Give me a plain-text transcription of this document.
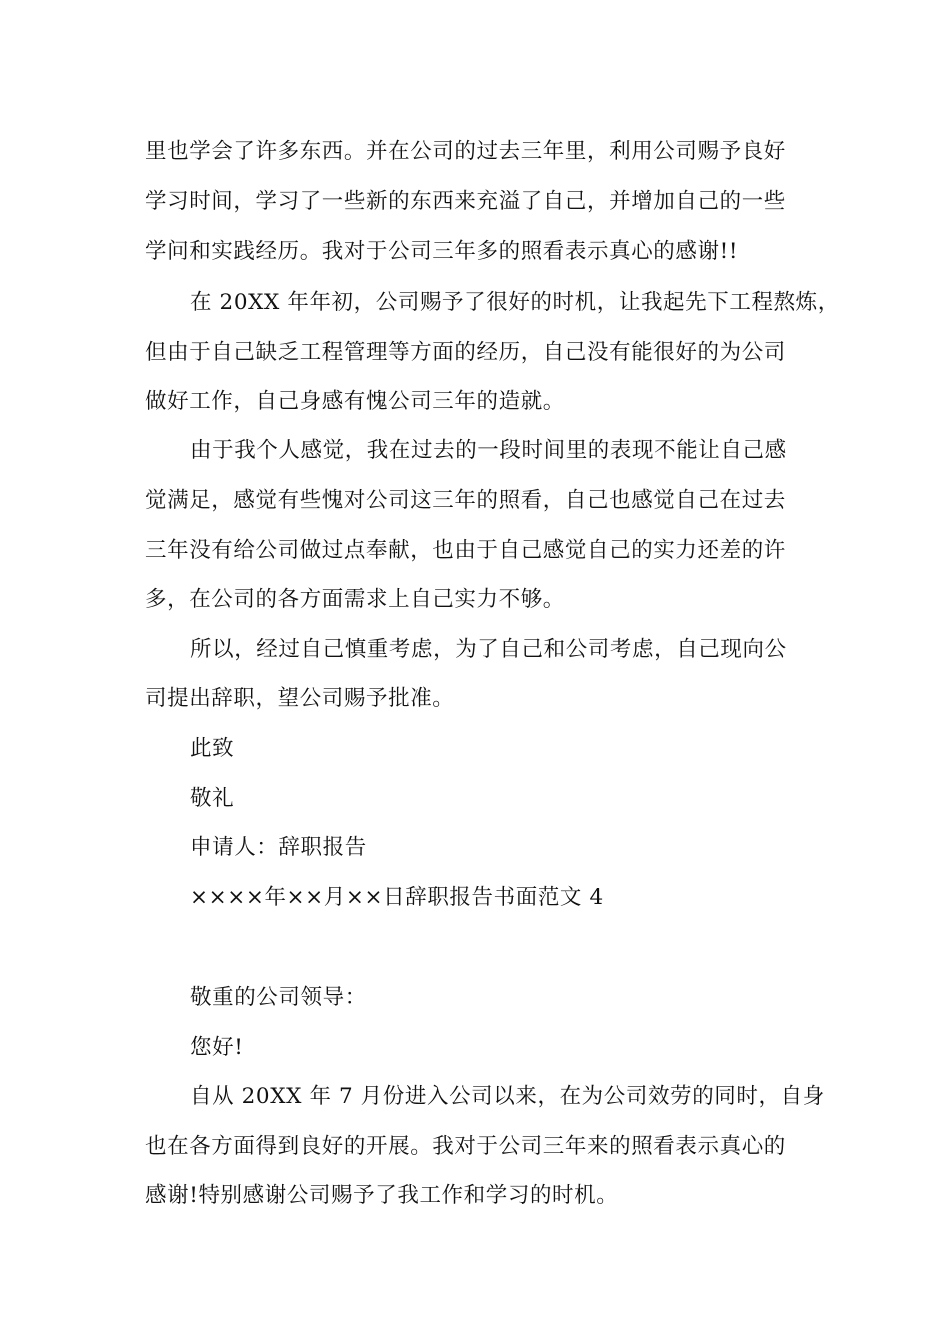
里也学会了许多东西。并在公司的过去三年里，利用公司赐予良好
学习时间，学习了一些新的东西来充溢了自己，并增加自己的一些
学问和实践经历。我对于公司三年多的照看表示真心的感谢!!
在 20XX 年年初，公司赐予了很好的时机，让我起先下工程熬炼，
但由于自己缺乏工程管理等方面的经历，自己没有能很好的为公司
做好工作，自己身感有愧公司三年的造就。
由于我个人感觉，我在过去的一段时间里的表现不能让自己感
觉满足，感觉有些愧对公司这三年的照看，自己也感觉自己在过去
三年没有给公司做过点奉献，也由于自己感觉自己的实力还差的许
多，在公司的各方面需求上自己实力不够。
所以，经过自己慎重考虑，为了自己和公司考虑，自己现向公
司提出辞职，望公司赐予批准。
此致
敬礼
申请人：辞职报告
××××年××月××日辞职报告书面范文 4
敬重的公司领导：
您好!
自从 20XX 年 7 月份进入公司以来，在为公司效劳的同时，自身
也在各方面得到良好的开展。我对于公司三年来的照看表示真心的
感谢!特别感谢公司赐予了我工作和学习的时机。
